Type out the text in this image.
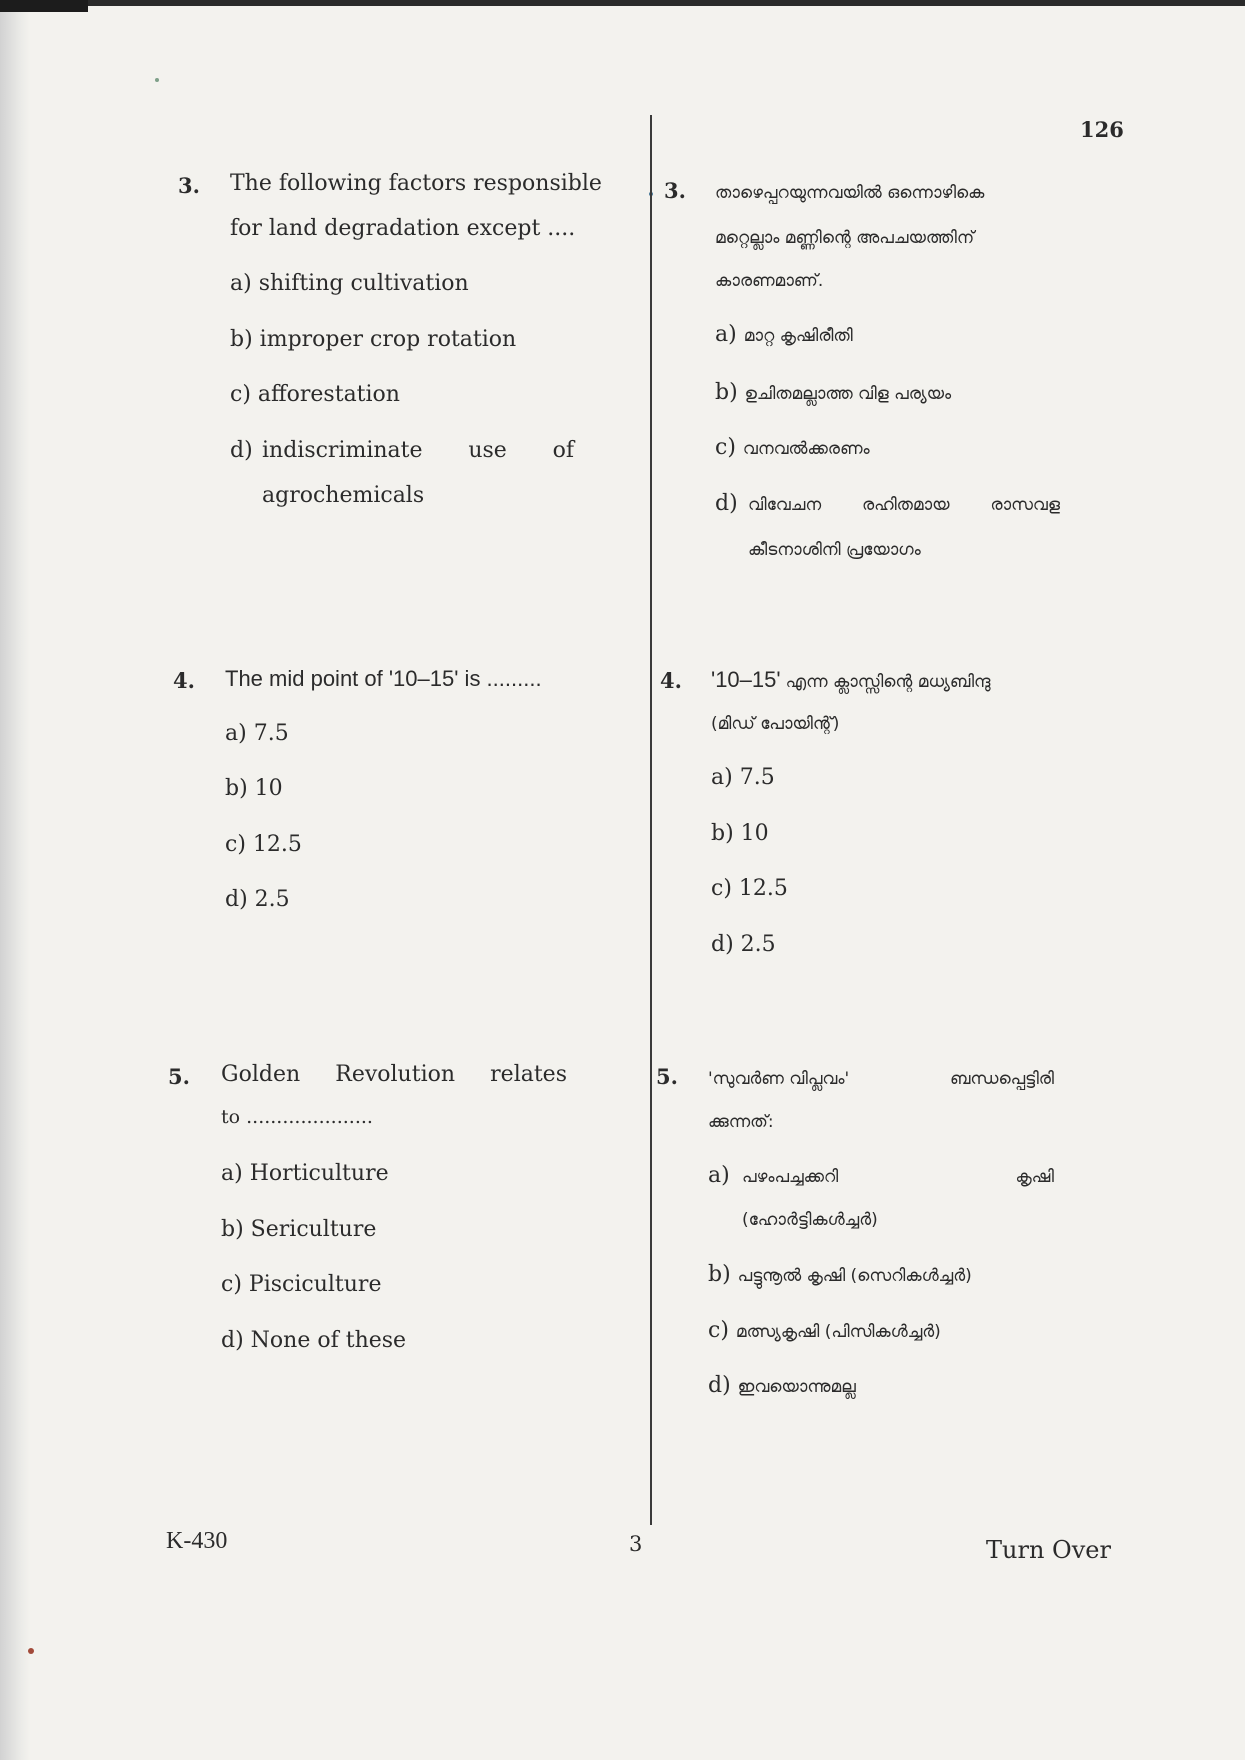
126
3. The following factors responsible
for land degradation except ....
a) shifting cultivation
b) improper crop rotation
c) afforestation
d) indiscriminate use of
agrochemicals
4. The mid point of '10–15' is .........
a) 7.5
b) 10
c) 12.5
d) 2.5
5. Golden Revolution relates
to .....................
a) Horticulture
b) Sericulture
c) Pisciculture
d) None of these
3. താഴെപ്പറയുന്നവയിൽ ഒന്നൊഴികെ
മറ്റെല്ലാം മണ്ണിന്റെ അപചയത്തിന്
കാരണമാണ്.
a) മാറ്റ കൃഷിരീതി
b) ഉചിതമല്ലാത്ത വിള പര്യയം
c) വനവൽക്കരണം
d) വിവേചന രഹിതമായ രാസവള
കീടനാശിനി പ്രയോഗം
4. '10–15' എന്ന ക്ലാസ്സിന്റെ മധ്യബിന്ദു
(മിഡ് പോയിന്റ്)
a) 7.5
b) 10
c) 12.5
d) 2.5
5. 'സുവർണ വിപ്ലവം'	ബന്ധപ്പെട്ടിരി
ക്കുന്നത്:
a) പഴംപച്ചക്കറി	കൃഷി
(ഹോർട്ടികൾച്ചർ)
b) പട്ടുനൂൽ കൃഷി (സെറികൾച്ചർ)
c) മത്സ്യകൃഷി (പിസികൾച്ചർ)
d) ഇവയൊന്നുമല്ല
K-430	3	Turn Over
